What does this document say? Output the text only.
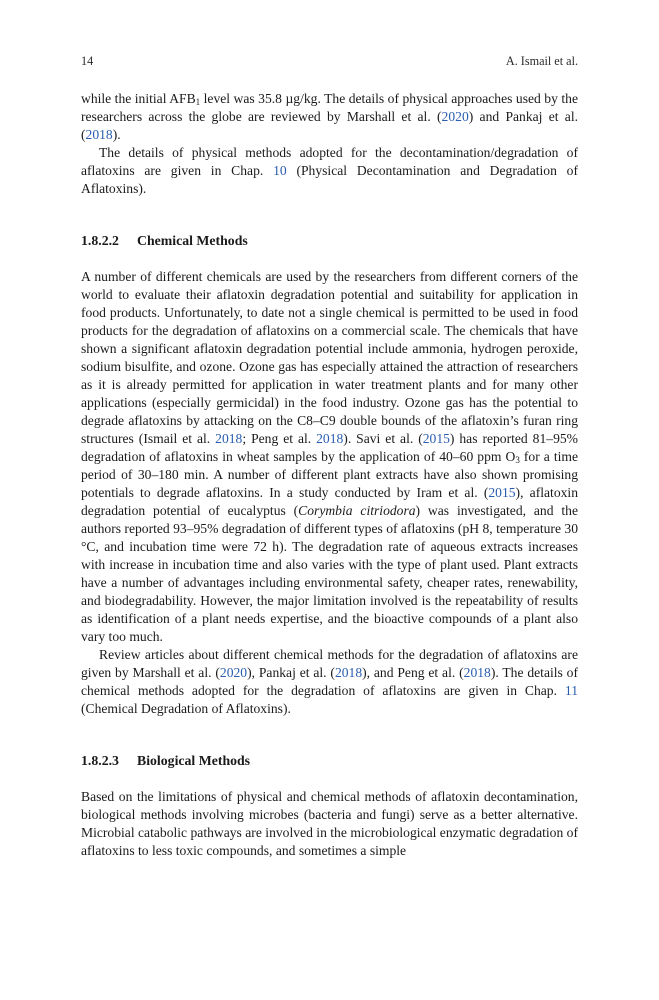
14	A. Ismail et al.

while the initial $AFB_1$ level was 35.8 µg/kg. The details of physical approaches used by the researchers across the globe are reviewed by Marshall et al. (2020) and Pankaj et al. (2018).

The details of physical methods adopted for the decontamination/degradation of aflatoxins are given in Chap. 10 (Physical Decontamination and Degradation of Aflatoxins).

1.8.2.2 Chemical Methods

A number of different chemicals are used by the researchers from different corners of the world to evaluate their aflatoxin degradation potential and suitability for application in food products. Unfortunately, to date not a single chemical is permitted to be used in food products for the degradation of aflatoxins on a commercial scale. The chemicals that have shown a significant aflatoxin degradation potential include ammonia, hydrogen peroxide, sodium bisulfite, and ozone. Ozone gas has especially attained the attraction of researchers as it is already permitted for application in water treatment plants and for many other applications (especially germicidal) in the food industry. Ozone gas has the potential to degrade aflatoxins by attacking on the C8–C9 double bounds of the aflatoxin’s furan ring structures (Ismail et al. 2018; Peng et al. 2018). Savi et al. (2015) has reported 81–95% degradation of aflatoxins in wheat samples by the application of 40–60 ppm $O_3$ for a time period of 30–180 min. A number of different plant extracts have also shown promising potentials to degrade aflatoxins. In a study conducted by Iram et al. (2015), aflatoxin degradation potential of eucalyptus (Corymbia citriodora) was investigated, and the authors reported 93–95% degradation of different types of aflatoxins (pH 8, temperature 30 °C, and incubation time were 72 h). The degradation rate of aqueous extracts increases with increase in incubation time and also varies with the type of plant used. Plant extracts have a number of advantages including environmental safety, cheaper rates, renewability, and biodegradability. However, the major limitation involved is the repeatability of results as identification of a plant needs expertise, and the bioactive compounds of a plant also vary too much.

Review articles about different chemical methods for the degradation of aflatoxins are given by Marshall et al. (2020), Pankaj et al. (2018), and Peng et al. (2018). The details of chemical methods adopted for the degradation of aflatoxins are given in Chap. 11 (Chemical Degradation of Aflatoxins).

1.8.2.3 Biological Methods

Based on the limitations of physical and chemical methods of aflatoxin decontamination, biological methods involving microbes (bacteria and fungi) serve as a better alternative. Microbial catabolic pathways are involved in the microbiological enzymatic degradation of aflatoxins to less toxic compounds, and sometimes a simple
